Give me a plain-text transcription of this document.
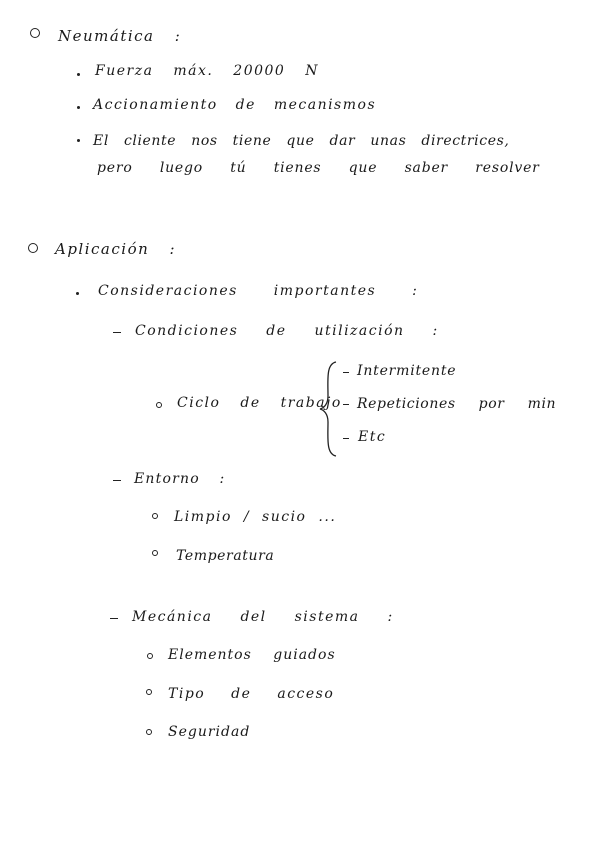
Neumática :
Fuerza máx. 20000 N
Accionamiento de mecanismos
El cliente nos tiene que dar unas directrices,
pero luego tú tienes que saber resolver
Aplicación :
Consideraciones importantes :
Condiciones de utilización :
Ciclo de trabajo
Intermitente
Repeticiones por min
Etc
Entorno :
Limpio / sucio ...
Temperatura
Mecánica del sistema :
Elementos guiados
Tipo de acceso
Seguridad
